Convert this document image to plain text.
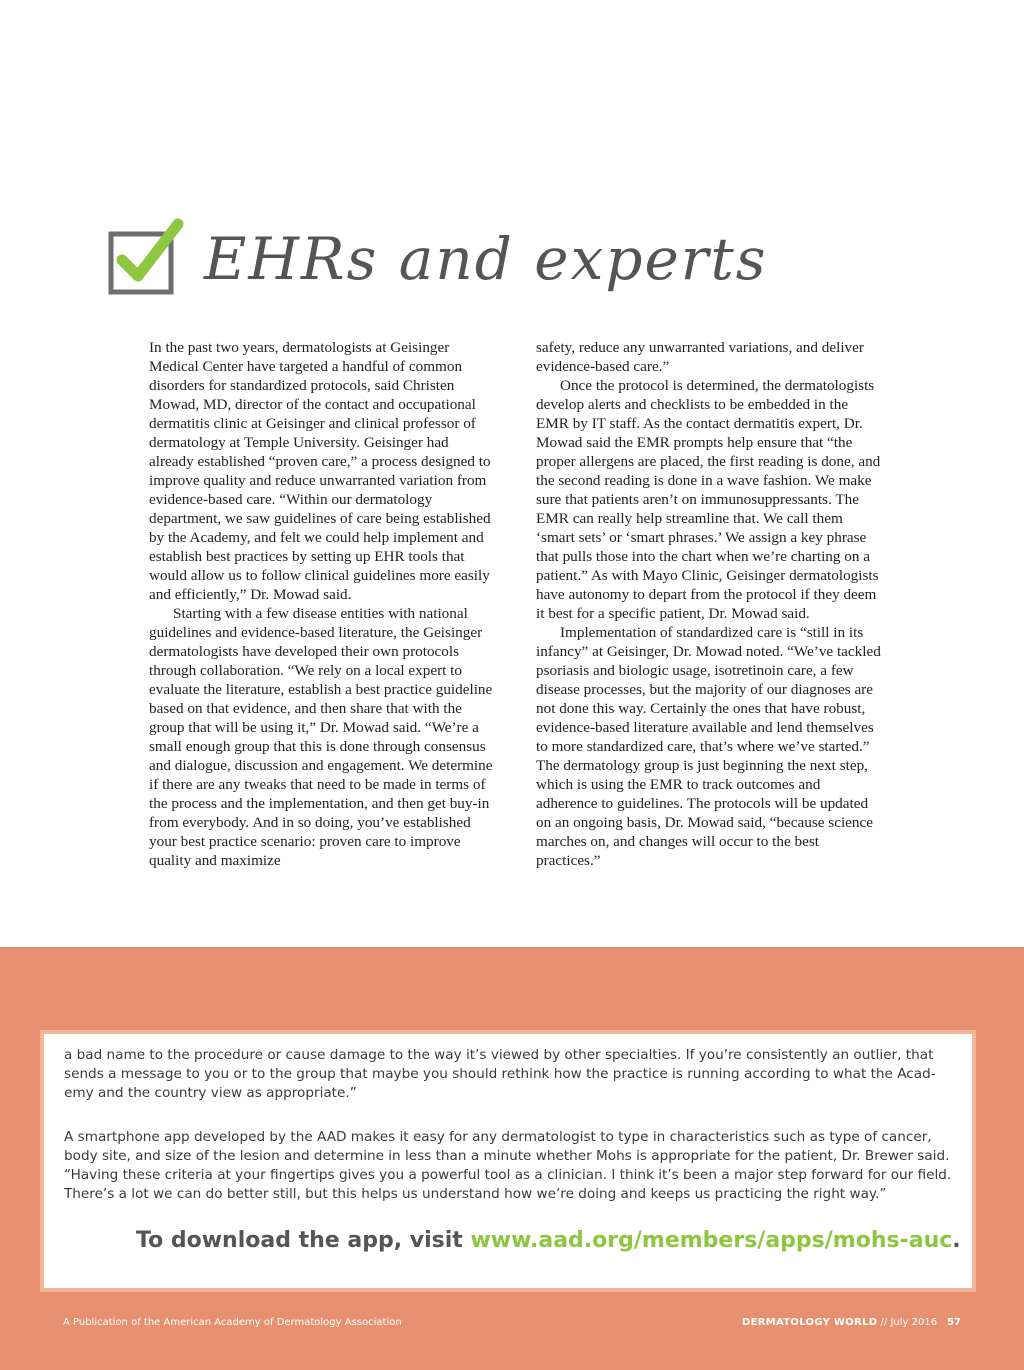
EHRs and experts

In the past two years, dermatologists at Geisinger Medical Center have targeted a handful of common disorders for standardized protocols, said Christen Mowad, MD, director of the contact and occupational dermatitis clinic at Geisinger and clinical professor of dermatology at Temple University. Geisinger had already established “proven care,” a process designed to improve quality and reduce unwarranted variation from evidence-based care. “Within our dermatology department, we saw guidelines of care being established by the Academy, and felt we could help implement and establish best practices by setting up EHR tools that would allow us to follow clinical guidelines more easily and efficiently,” Dr. Mowad said.

Starting with a few disease entities with national guidelines and evidence-based literature, the Geisinger dermatologists have developed their own protocols through collaboration. “We rely on a local expert to evaluate the literature, establish a best practice guideline based on that evidence, and then share that with the group that will be using it,” Dr. Mowad said. “We’re a small enough group that this is done through consensus and dialogue, discussion and engagement. We determine if there are any tweaks that need to be made in terms of the process and the implementation, and then get buy-in from everybody. And in so doing, you’ve established your best practice scenario: proven care to improve quality and maximize

safety, reduce any unwarranted variations, and deliver evidence-based care.”

Once the protocol is determined, the dermatologists develop alerts and checklists to be embedded in the EMR by IT staff. As the contact dermatitis expert, Dr. Mowad said the EMR prompts help ensure that “the proper allergens are placed, the first reading is done, and the second reading is done in a wave fashion. We make sure that patients aren’t on immunosuppressants. The EMR can really help streamline that. We call them ‘smart sets’ or ‘smart phrases.’ We assign a key phrase that pulls those into the chart when we’re charting on a patient.” As with Mayo Clinic, Geisinger dermatologists have autonomy to depart from the protocol if they deem it best for a specific patient, Dr. Mowad said.

Implementation of standardized care is “still in its infancy” at Geisinger, Dr. Mowad noted. “We’ve tackled psoriasis and biologic usage, isotretinoin care, a few disease processes, but the majority of our diagnoses are not done this way. Certainly the ones that have robust, evidence-based literature available and lend themselves to more standardized care, that’s where we’ve started.” The dermatology group is just beginning the next step, which is using the EMR to track outcomes and adherence to guidelines. The protocols will be updated on an ongoing basis, Dr. Mowad said, “because science marches on, and changes will occur to the best practices.”

a bad name to the procedure or cause damage to the way it’s viewed by other specialties. If you’re consistently an outlier, that sends a message to you or to the group that maybe you should rethink how the practice is running according to what the Acad-emy and the country view as appropriate.”
A smartphone app developed by the AAD makes it easy for any dermatologist to type in characteristics such as type of cancer, body site, and size of the lesion and determine in less than a minute whether Mohs is appropriate for the patient, Dr. Brewer said. “Having these criteria at your fingertips gives you a powerful tool as a clinician. I think it’s been a major step forward for our field. There’s a lot we can do better still, but this helps us understand how we’re doing and keeps us practicing the right way.”
To download the app, visit www.aad.org/members/apps/mohs-auc.
A Publication of the American Academy of Dermatology Association	DERMATOLOGY WORLD // July 2016 57
